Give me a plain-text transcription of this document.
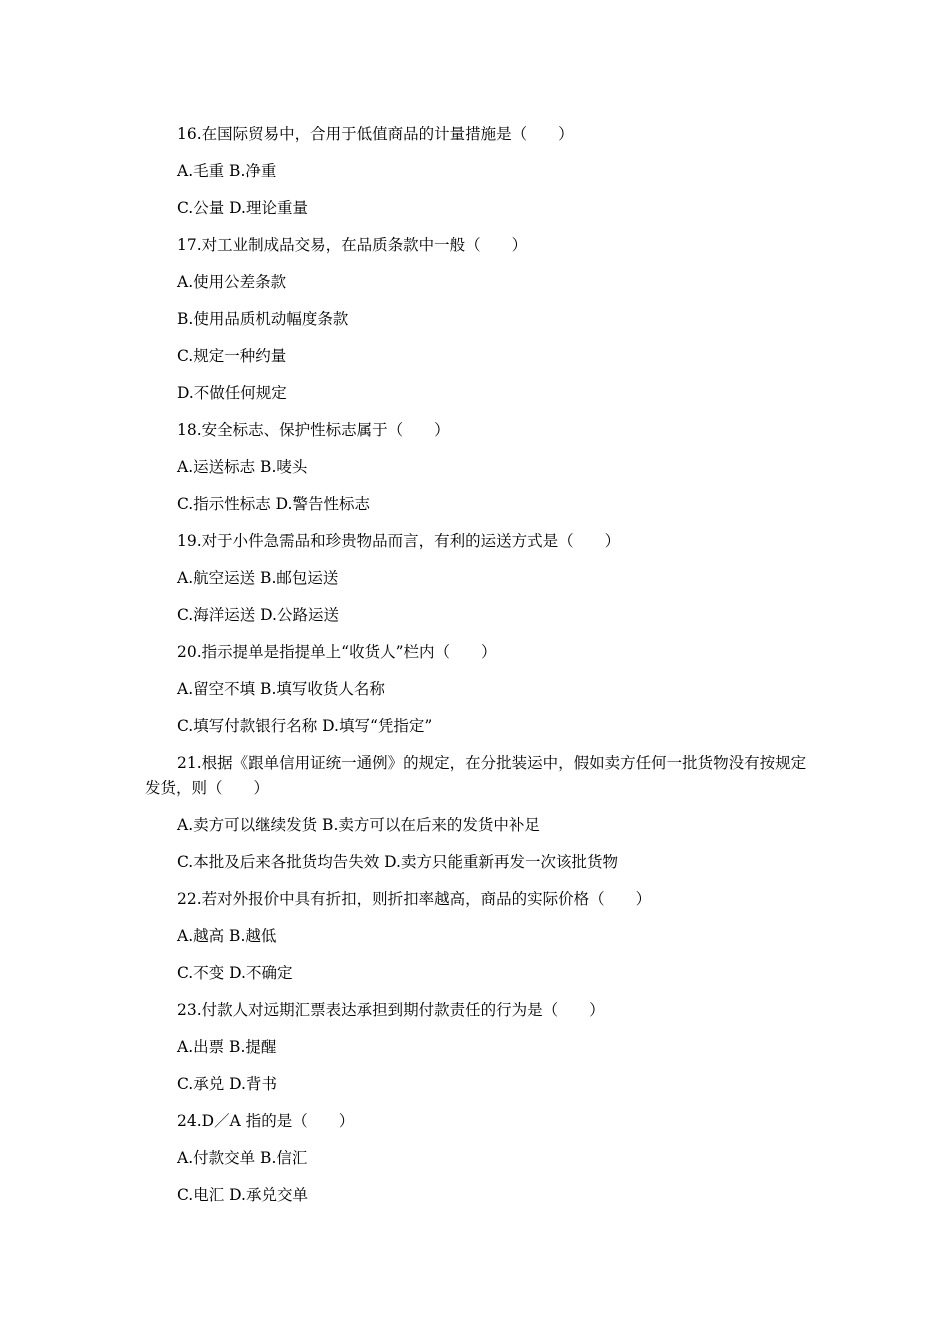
16.在国际贸易中，合用于低值商品的计量措施是（　　）
A.毛重 B.净重
C.公量 D.理论重量
17.对工业制成品交易，在品质条款中一般（　　）
A.使用公差条款
B.使用品质机动幅度条款
C.规定一种约量
D.不做任何规定
18.安全标志、保护性标志属于（　　）
A.运送标志 B.唛头
C.指示性标志 D.警告性标志
19.对于小件急需品和珍贵物品而言，有利的运送方式是（　　）
A.航空运送 B.邮包运送
C.海洋运送 D.公路运送
20.指示提单是指提单上“收货人”栏内（　　）
A.留空不填 B.填写收货人名称
C.填写付款银行名称 D.填写“凭指定”
21.根据《跟单信用证统一通例》的规定，在分批装运中，假如卖方任何一批货物没有按规定发货，则（　　）
A.卖方可以继续发货 B.卖方可以在后来的发货中补足
C.本批及后来各批货均告失效 D.卖方只能重新再发一次该批货物
22.若对外报价中具有折扣，则折扣率越高，商品的实际价格（　　）
A.越高 B.越低
C.不变 D.不确定
23.付款人对远期汇票表达承担到期付款责任的行为是（　　）
A.出票 B.提醒
C.承兑 D.背书
24.D／A 指的是（　　）
A.付款交单 B.信汇
C.电汇 D.承兑交单
